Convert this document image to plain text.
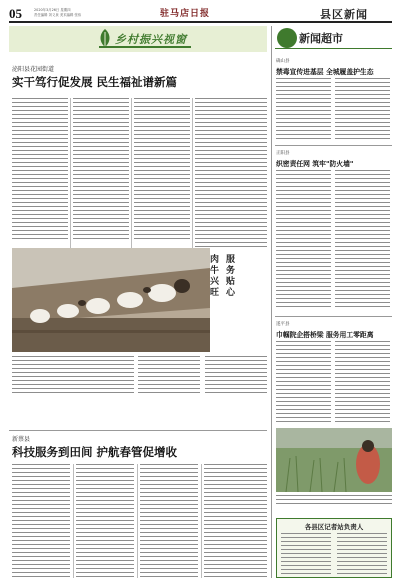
05	2020年3月26日 星期四
责任编辑 刘义泉 美术编辑 张伟	驻马店日报	县区新闻
乡村振兴视窗
泌阳县花园街道
实干笃行促发展 民生福祉谱新篇
服务贴心
肉牛兴旺
新蔡县
科技服务到田间 护航春管促增收
新闻超市
确山县
禁毒宣传进基层 全城履盖护生态
正阳县
织密责任网 筑牢"防火墙"
遂平县
巾帼院企搭桥梁 服务用工零距离
各县区记者站负责人
